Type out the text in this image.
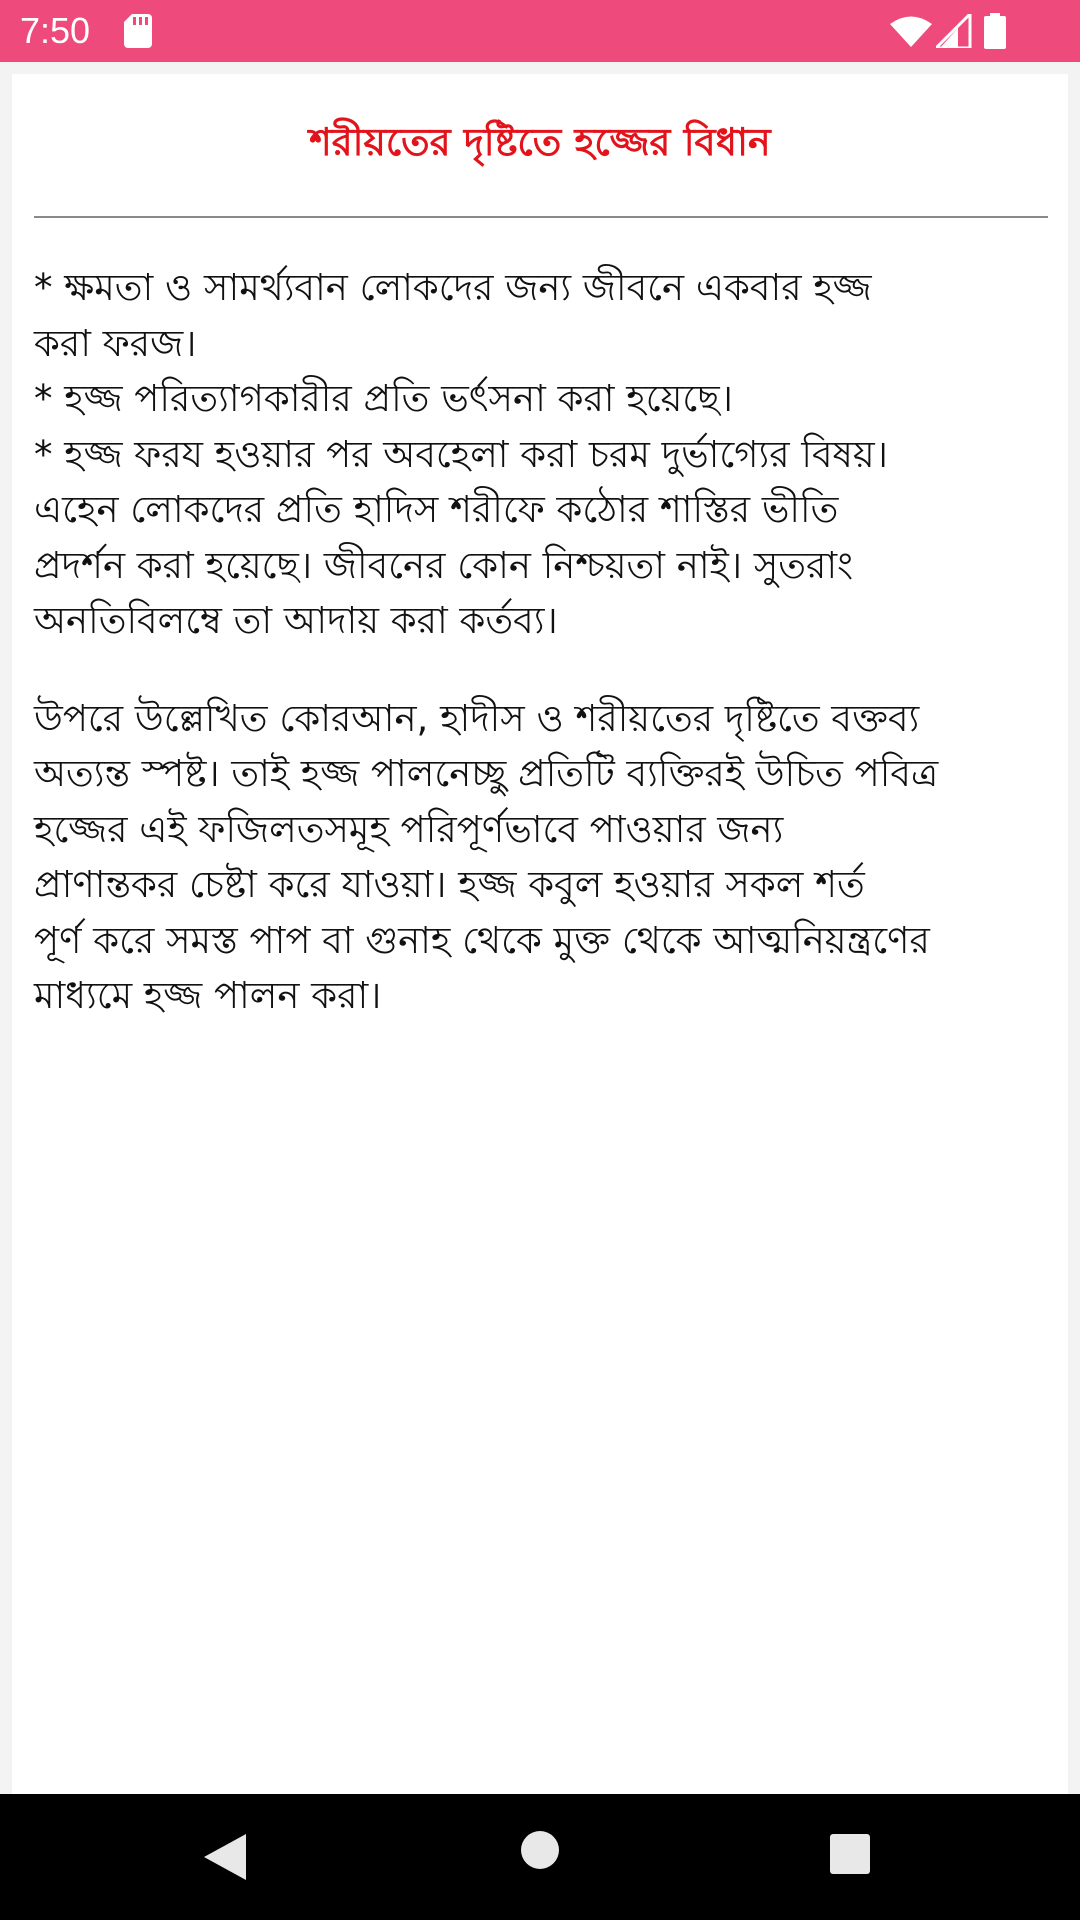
7:50
শরীয়তের দৃষ্টিতে হজ্জের বিধান
* ক্ষমতা ও সামর্থ্যবান লোকদের জন্য জীবনে একবার হজ্জ
করা ফরজ।
* হজ্জ পরিত্যাগকারীর প্রতি ভর্ৎসনা করা হয়েছে।
* হজ্জ ফরয হওয়ার পর অবহেলা করা চরম দুর্ভাগ্যের বিষয়।
এহেন লোকদের প্রতি হাদিস শরীফে কঠোর শাস্তির ভীতি
প্রদর্শন করা হয়েছে। জীবনের কোন নিশ্চয়তা নাই। সুতরাং
অনতিবিলম্বে তা আদায় করা কর্তব্য।
উপরে উল্লেখিত কোরআন, হাদীস ও শরীয়তের দৃষ্টিতে বক্তব্য
অত্যন্ত স্পষ্ট। তাই হজ্জ পালনেচ্ছু প্রতিটি ব্যক্তিরই উচিত পবিত্র
হজ্জের এই ফজিলতসমূহ পরিপূর্ণভাবে পাওয়ার জন্য
প্রাণান্তকর চেষ্টা করে যাওয়া। হজ্জ কবুল হওয়ার সকল শর্ত
পূর্ণ করে সমস্ত পাপ বা গুনাহ থেকে মুক্ত থেকে আত্মনিয়ন্ত্রণের
মাধ্যমে হজ্জ পালন করা।
